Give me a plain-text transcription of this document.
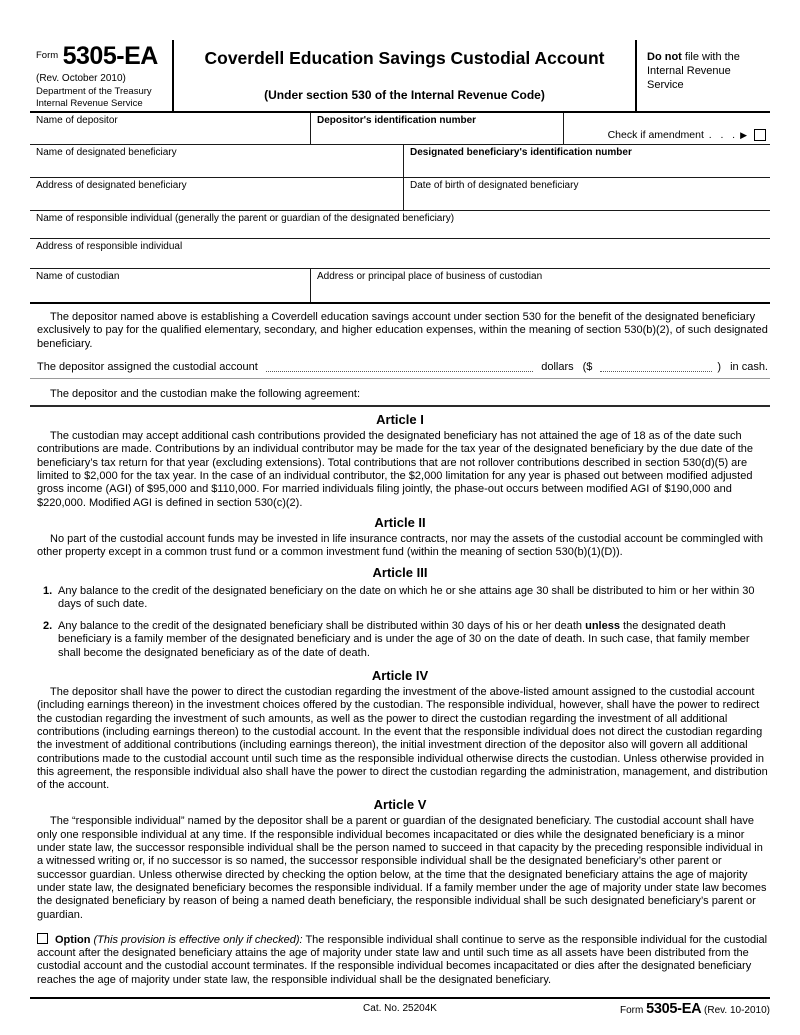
$^{Form}$ 5305-EA
(Rev. October 2010)
Department of the Treasury
Internal Revenue Service
Coverdell Education Savings Custodial Account
(Under section 530 of the Internal Revenue Code)
Do not file with the Internal Revenue Service
Name of depositor	Depositor's identification number
Check if amendment .   .   . ▶
Name of designated beneficiary	Designated beneficiary's identification number
Address of designated beneficiary	Date of birth of designated beneficiary
Name of responsible individual (generally the parent or guardian of the designated beneficiary)
Address of responsible individual
Name of custodian	Address or principal place of business of custodian

The depositor named above is establishing a Coverdell education savings account under section 530 for the benefit of the designated beneficiary exclusively to pay for the qualified elementary, secondary, and higher education expenses, within the meaning of section 530(b)(2), of such designated beneficiary.

The depositor assigned the custodial account	dollars ($	) in cash.

The depositor and the custodian make the following agreement:

Article I

The custodian may accept additional cash contributions provided the designated beneficiary has not attained the age of 18 as of the date such contributions are made. Contributions by an individual contributor may be made for the tax year of the designated beneficiary by the due date of the beneficiary’s tax return for that year (excluding extensions). Total contributions that are not rollover contributions described in section 530(d)(5) are limited to $2,000 for the tax year. In the case of an individual contributor, the $2,000 limitation for any year is phased out between modified adjusted gross income (AGI) of $95,000 and $110,000. For married individuals filing jointly, the phase-out occurs between modified AGI of $190,000 and $220,000. Modified AGI is defined in section 530(c)(2).

Article II

No part of the custodial account funds may be invested in life insurance contracts, nor may the assets of the custodial account be commingled with other property except in a common trust fund or a common investment fund (within the meaning of section 530(b)(1)(D)).

Article III
1. Any balance to the credit of the designated beneficiary on the date on which he or she attains age 30 shall be distributed to him or her within 30 days of such date.
2. Any balance to the credit of the designated beneficiary shall be distributed within 30 days of his or her death unless the designated death beneficiary is a family member of the designated beneficiary and is under the age of 30 on the date of death. In such case, that family member shall become the designated beneficiary as of the date of death.
Article IV

The depositor shall have the power to direct the custodian regarding the investment of the above-listed amount assigned to the custodial account (including earnings thereon) in the investment choices offered by the custodian. The responsible individual, however, shall have the power to redirect the custodian regarding the investment of such amounts, as well as the power to direct the custodian regarding the investment of all additional contributions (including earnings thereon) to the custodial account. In the event that the responsible individual does not direct the custodian regarding the investment of additional contributions (including earnings thereon), the initial investment direction of the depositor also will govern all additional contributions made to the custodial account until such time as the responsible individual otherwise directs the custodian. Unless otherwise provided in this agreement, the responsible individual also shall have the power to direct the custodian regarding the administration, management, and distribution of the account.

Article V

The “responsible individual” named by the depositor shall be a parent or guardian of the designated beneficiary. The custodial account shall have only one responsible individual at any time. If the responsible individual becomes incapacitated or dies while the designated beneficiary is a minor under state law, the successor responsible individual shall be the person named to succeed in that capacity by the preceding responsible individual in a witnessed writing or, if no successor is so named, the successor responsible individual shall be the designated beneficiary’s other parent or successor guardian. Unless otherwise directed by checking the option below, at the time that the designated beneficiary attains the age of majority under state law, the designated beneficiary becomes the responsible individual. If a family member under the age of majority under state law becomes the designated beneficiary by reason of being a named death beneficiary, the responsible individual shall be such designated beneficiary’s parent or guardian.

Option (This provision is effective only if checked): The responsible individual shall continue to serve as the responsible individual for the custodial account after the designated beneficiary attains the age of majority under state law and until such time as all assets have been distributed from the custodial account and the custodial account terminates. If the responsible individual becomes incapacitated or dies after the designated beneficiary reaches the age of majority under state law, the responsible individual shall be the designated beneficiary.

Cat. No. 25204K	Form 5305-EA (Rev. 10-2010)
